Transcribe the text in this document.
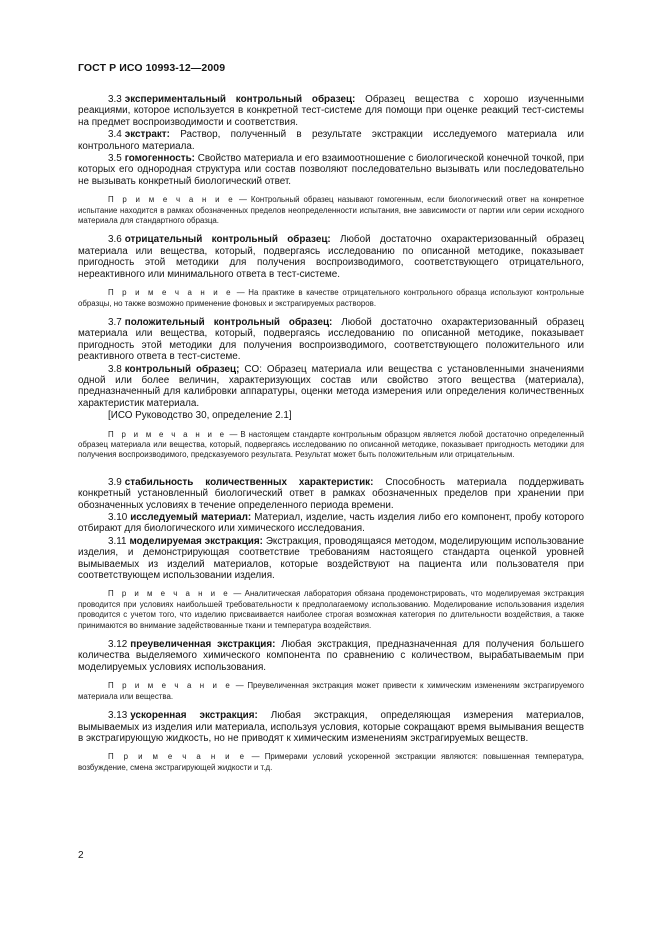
ГОСТ Р ИСО 10993-12—2009

3.3 экспериментальный контрольный образец: Образец вещества с хорошо изученными реакциями, которое используется в конкретной тест-системе для помощи при оценке реакций тест-системы на предмет воспроизводимости и соответствия.

3.4 экстракт: Раствор, полученный в результате экстракции исследуемого материала или контрольного материала.

3.5 гомогенность: Свойство материала и его взаимоотношение с биологической конечной точкой, при которых его однородная структура или состав позволяют последовательно вызывать или последовательно не вызывать конкретный биологический ответ.

П р и м е ч а н и е — Контрольный образец называют гомогенным, если биологический ответ на конкретное испытание находится в рамках обозначенных пределов неопределенности испытания, вне зависимости от партии или серии исходного материала для стандартного образца.

3.6 отрицательный контрольный образец: Любой достаточно охарактеризованный образец материала или вещества, который, подвергаясь исследованию по описанной методике, показывает пригодность этой методики для получения воспроизводимого, соответствующего отрицательного, нереактивного или минимального ответа в тест-системе.

П р и м е ч а н и е — На практике в качестве отрицательного контрольного образца используют контрольные образцы, но также возможно применение фоновых и экстрагируемых растворов.

3.7 положительный контрольный образец: Любой достаточно охарактеризованный образец материала или вещества, который, подвергаясь исследованию по описанной методике, показывает пригодность этой методики для получения воспроизводимого, соответствующего положительного или реактивного ответа в тест-системе.

3.8 контрольный образец; CO: Образец материала или вещества с установленными значениями одной или более величин, характеризующих состав или свойство этого вещества (материала), предназначенный для калибровки аппаратуры, оценки метода измерения или определения количественных характеристик материала.

[ИСО Руководство 30, определение 2.1]

П р и м е ч а н и е — В настоящем стандарте контрольным образцом является любой достаточно определенный образец материала или вещества, который, подвергаясь исследованию по описанной методике, показывает пригодность методики для получения воспроизводимого, предсказуемого результата. Результат может быть положительным или отрицательным.

3.9 стабильность количественных характеристик: Способность материала поддерживать конкретный установленный биологический ответ в рамках обозначенных пределов при хранении при обозначенных условиях в течение определенного периода времени.

3.10 исследуемый материал: Материал, изделие, часть изделия либо его компонент, пробу которого отбирают для биологического или химического исследования.

3.11 моделируемая экстракция: Экстракция, проводящаяся методом, моделирующим использование изделия, и демонстрирующая соответствие требованиям настоящего стандарта оценкой уровней вымываемых из изделий материалов, которые воздействуют на пациента или пользователя при соответствующем использовании изделия.

П р и м е ч а н и е — Аналитическая лаборатория обязана продемонстрировать, что моделируемая экстракция проводится при условиях наибольшей требовательности к предполагаемому использованию. Моделирование использования изделия проводится с учетом того, что изделию присваивается наиболее строгая возможная категория по длительности воздействия, а также принимаются во внимание задействованные ткани и температура воздействия.

3.12 преувеличенная экстракция: Любая экстракция, предназначенная для получения большего количества выделяемого химического компонента по сравнению с количеством, вырабатываемым при моделируемых условиях использования.

П р и м е ч а н и е — Преувеличенная экстракция может привести к химическим изменениям экстрагируемого материала или вещества.

3.13 ускоренная экстракция: Любая экстракция, определяющая измерения материалов, вымываемых из изделия или материала, используя условия, которые сокращают время вымывания веществ в экстрагирующую жидкость, но не приводят к химическим изменениям экстрагируемых веществ.

П р и м е ч а н и е — Примерами условий ускоренной экстракции являются: повышенная температура, возбуждение, смена экстрагирующей жидкости и т.д.

2
